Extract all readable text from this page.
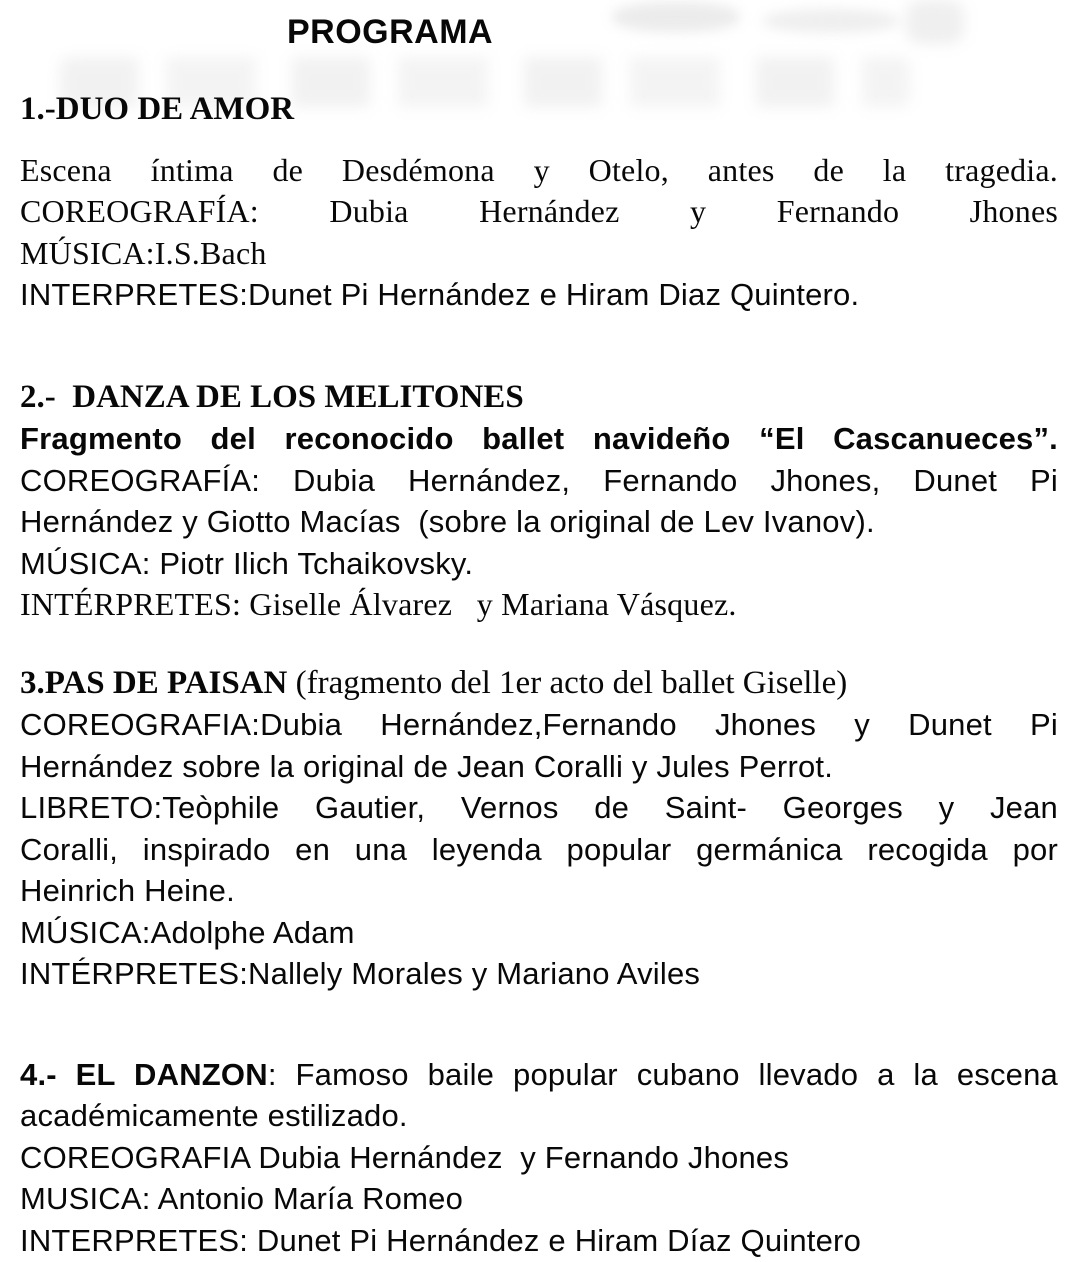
PROGRAMA
1.-DUO DE AMOR
Escena íntima de Desdémona y Otelo, antes de la tragedia.
COREOGRAFÍA: Dubia Hernández y Fernando Jhones
MÚSICA:I.S.Bach
INTERPRETES:Dunet Pi Hernández e Hiram Diaz Quintero.
2.-  DANZA DE LOS MELITONES
Fragmento del reconocido ballet navideño “El Cascanueces”.
COREOGRAFÍA: Dubia Hernández, Fernando Jhones, Dunet Pi
Hernández y Giotto Macías  (sobre la original de Lev Ivanov).
MÚSICA: Piotr Ilich Tchaikovsky.
INTÉRPRETES: Giselle Álvarez   y Mariana Vásquez.
3.PAS DE PAISAN (fragmento del 1er acto del ballet Giselle)
COREOGRAFIA:Dubia Hernández,Fernando Jhones y Dunet Pi
Hernández sobre la original de Jean Coralli y Jules Perrot.
LIBRETO:Teòphile Gautier, Vernos de Saint- Georges y Jean
Coralli, inspirado en una leyenda popular germánica recogida por
Heinrich Heine.
MÚSICA:Adolphe Adam
INTÉRPRETES:Nallely Morales y Mariano Aviles
4.- EL DANZON: Famoso baile popular cubano llevado a la escena
académicamente estilizado.
COREOGRAFIA Dubia Hernández  y Fernando Jhones
MUSICA: Antonio María Romeo
INTERPRETES: Dunet Pi Hernández e Hiram Díaz Quintero
